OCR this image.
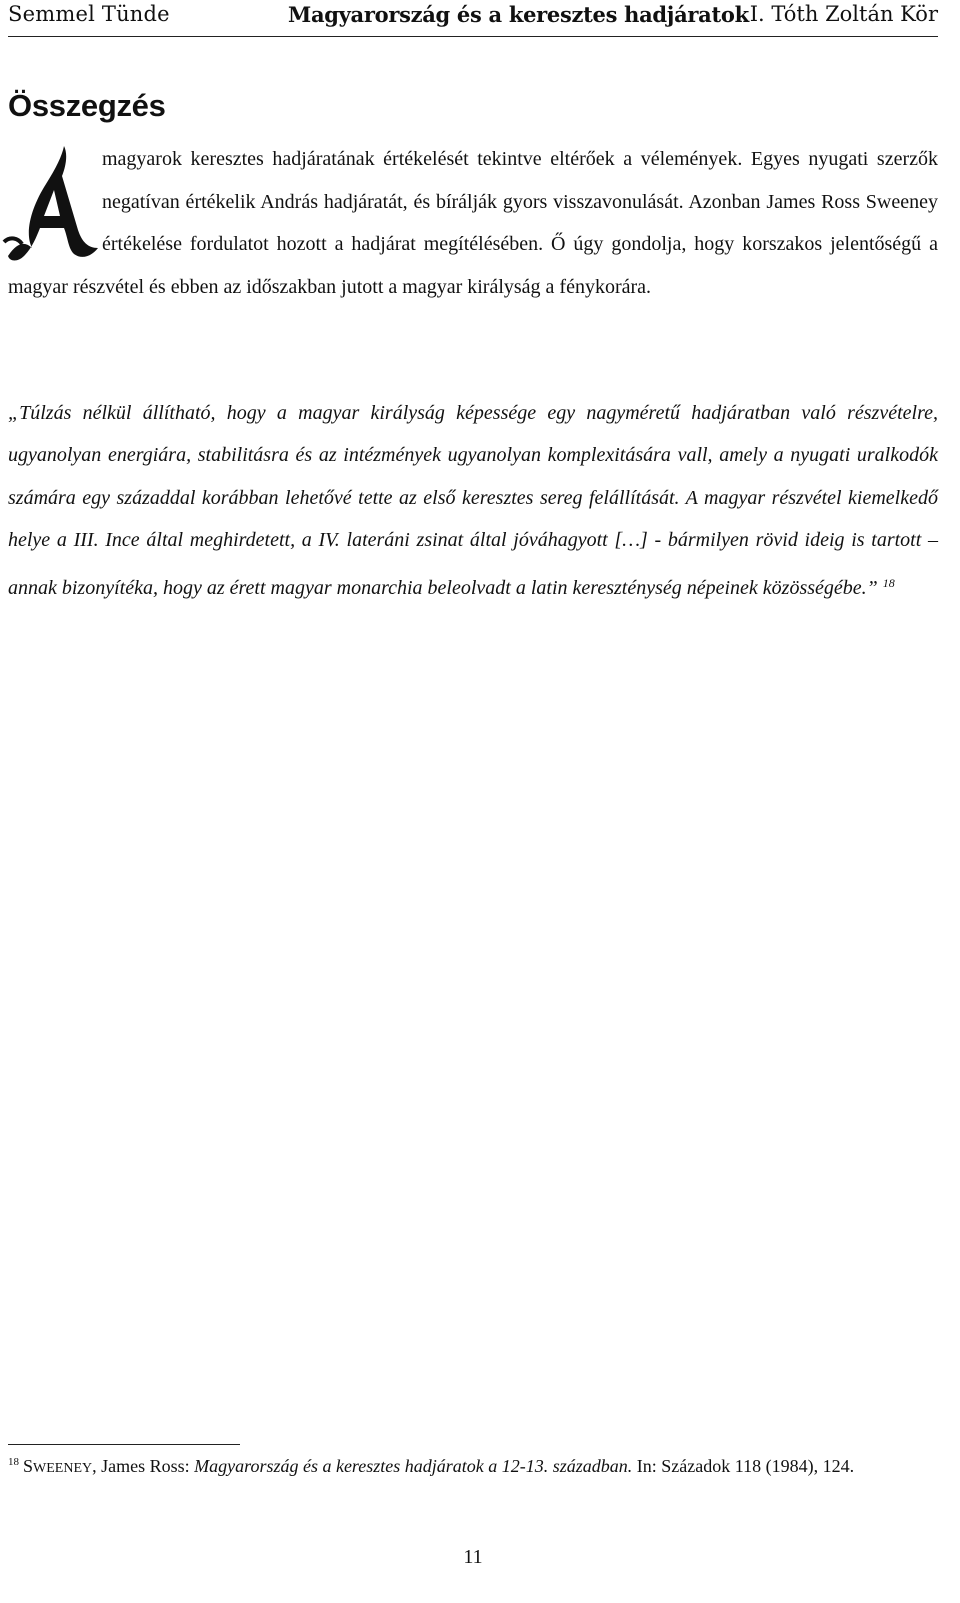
Semmel Tünde	Magyarország és a keresztes hadjáratok I. Tóth Zoltán Kör
Összegzés

magyarok keresztes hadjáratának értékelését tekintve eltérőek a vélemények. Egyes nyugati szerzők negatívan értékelik András hadjáratát, és bírálják gyors visszavonulását. Azonban James Ross Sweeney értékelése fordulatot hozott a hadjárat megítélésében. Ő úgy gondolja, hogy korszakos jelentőségű a magyar részvétel és ebben az időszakban jutott a magyar királyság a fénykorára.

„Túlzás nélkül állítható, hogy a magyar királyság képessége egy nagyméretű hadjáratban való részvételre, ugyanolyan energiára, stabilitásra és az intézmények ugyanolyan komplexitására vall, amely a nyugati uralkodók számára egy századdal korábban lehetővé tette az első keresztes sereg felállítását. A magyar részvétel kiemelkedő helye a III. Ince által meghirdetett, a IV. lateráni zsinat által jóváhagyott […] - bármilyen rövid ideig is tartott – annak bizonyítéka, hogy az érett magyar monarchia beleolvadt a latin kereszténység népeinek közösségébe.” $^{18}$

$^{18}$ SWEENEY, James Ross: Magyarország és a keresztes hadjáratok a 12-13. században. In: Századok 118 (1984), 124.

11
